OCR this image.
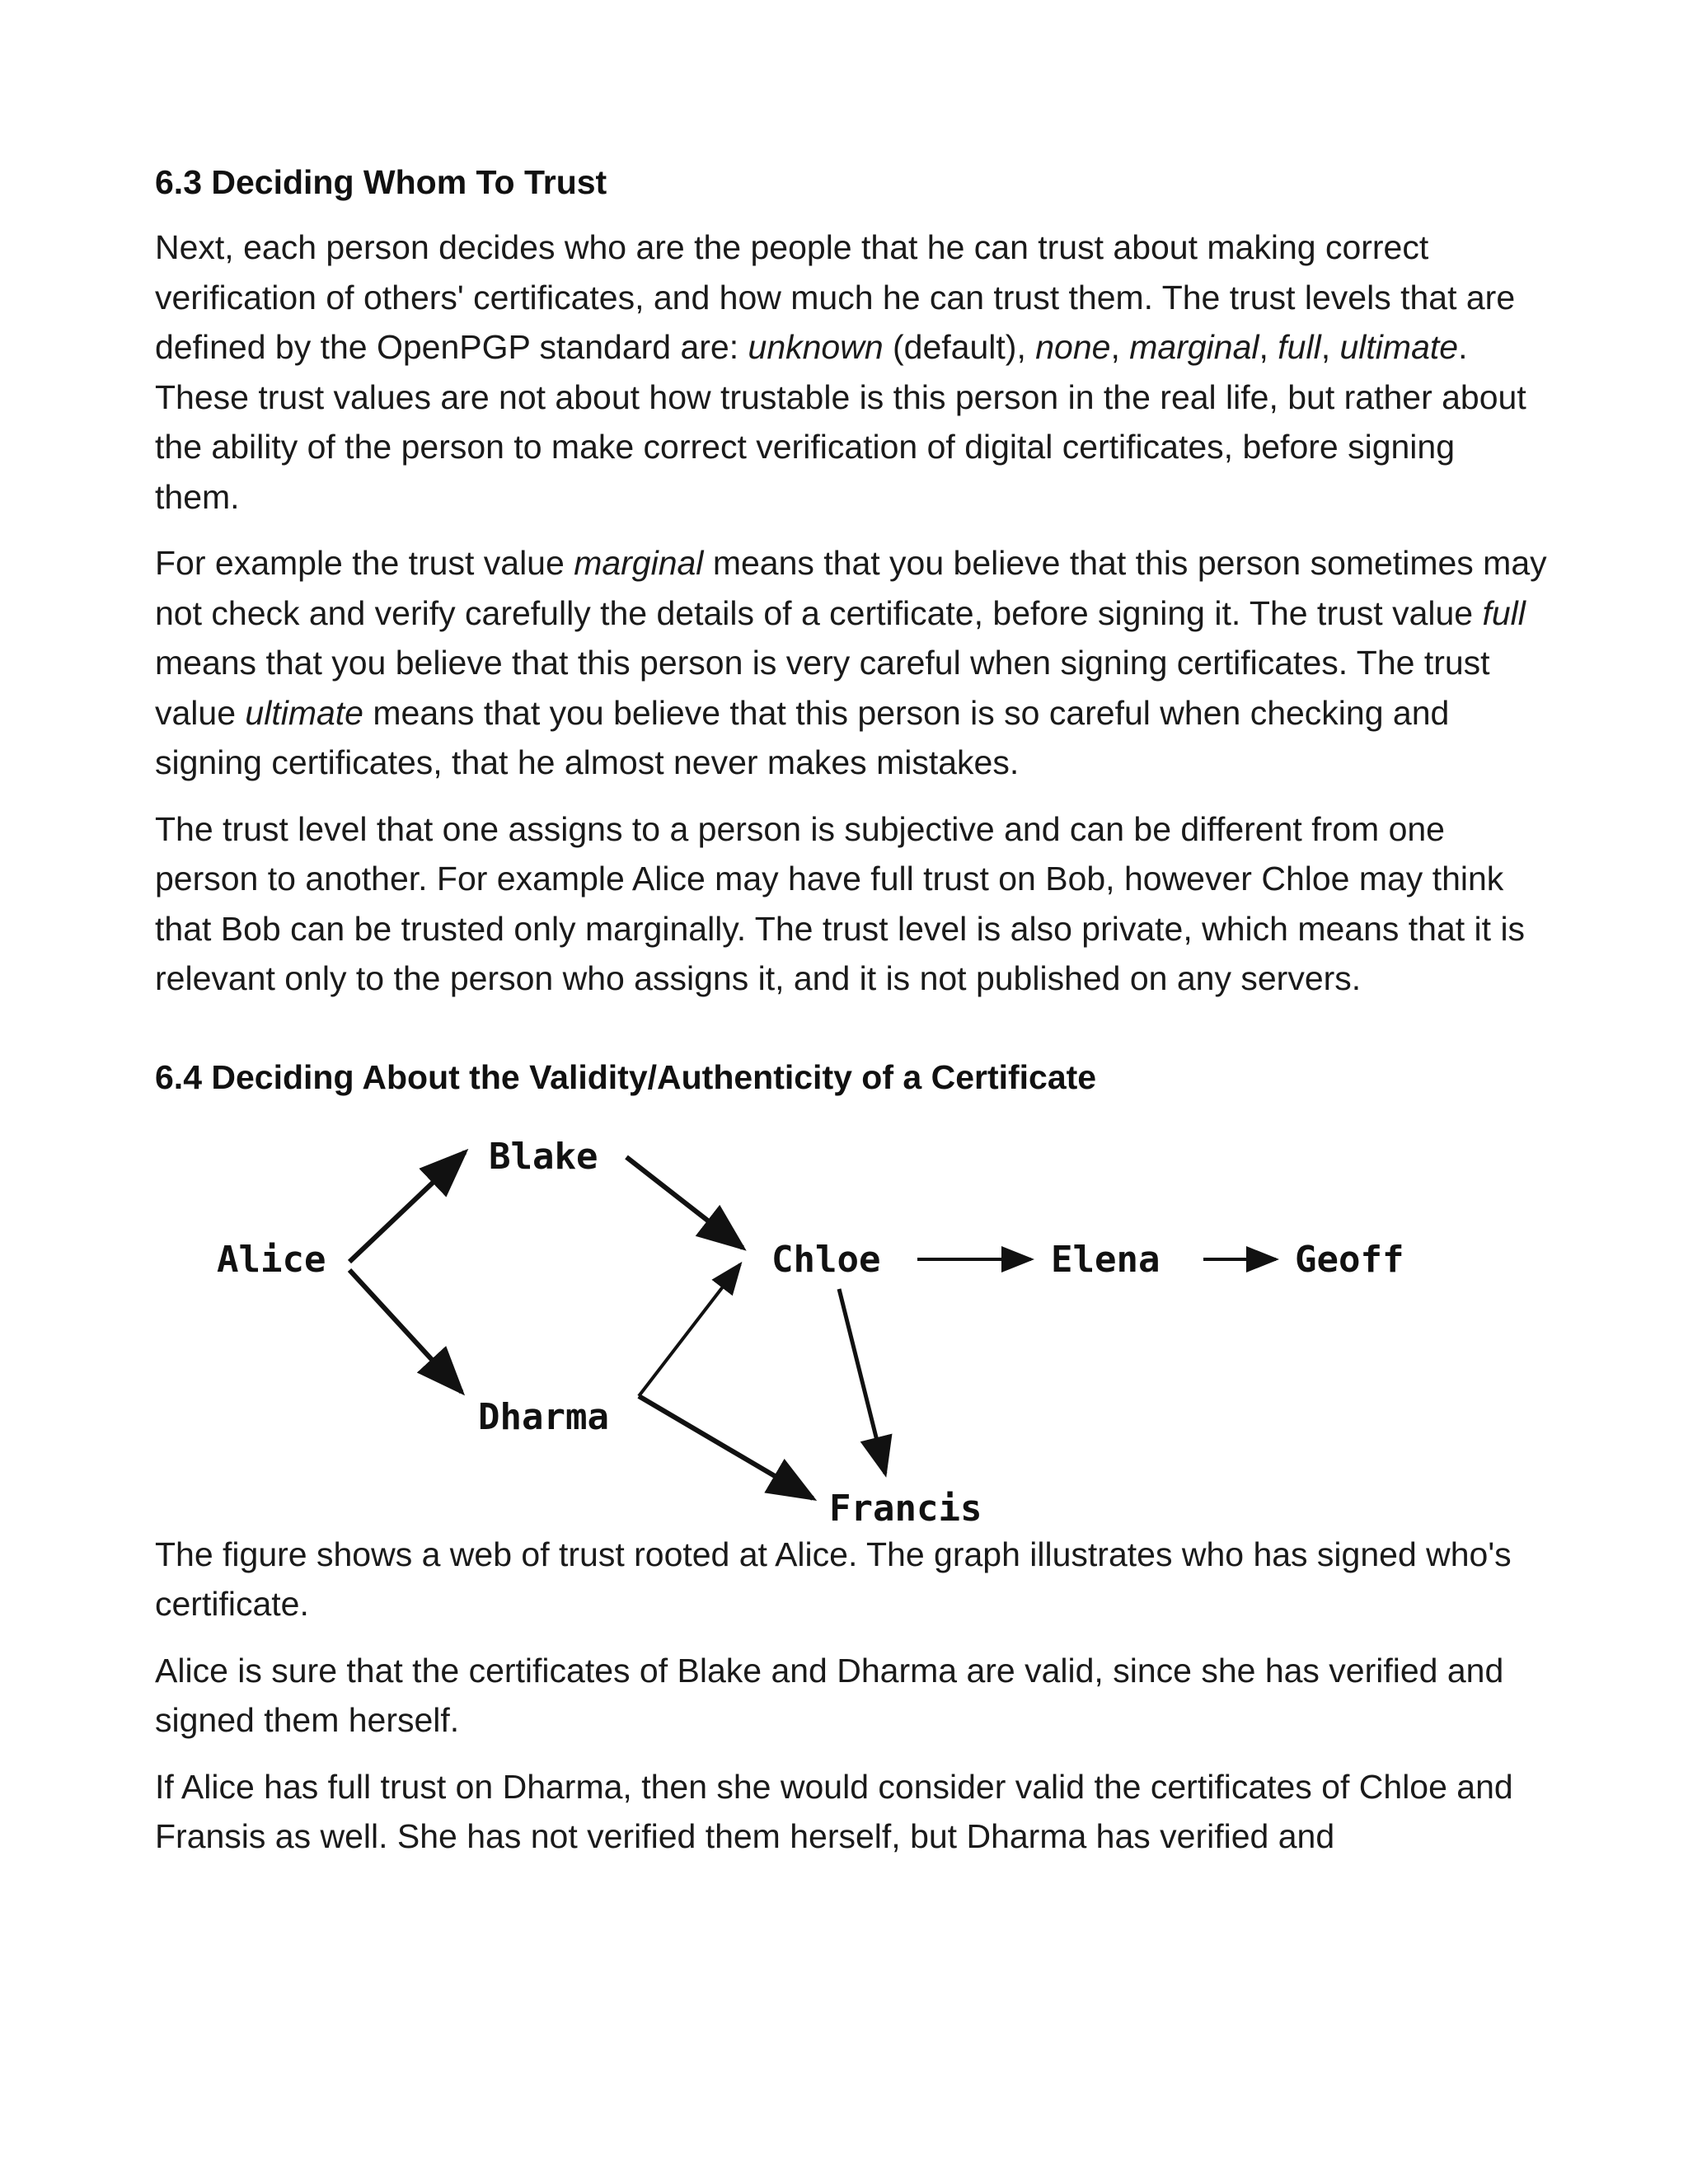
6.3 Deciding Whom To Trust

Next, each person decides who are the people that he can trust about making correct verification of others' certificates, and how much he can trust them. The trust levels that are defined by the OpenPGP standard are: unknown (default), none, marginal, full, ultimate. These trust values are not about how trustable is this person in the real life, but rather about the ability of the person to make correct verification of digital certificates, before signing them.

For example the trust value marginal means that you believe that this person sometimes may not check and verify carefully the details of a certificate, before signing it. The trust value full means that you believe that this person is very careful when signing certificates. The trust value ultimate means that you believe that this person is so careful when checking and signing certificates, that he almost never makes mistakes.

The trust level that one assigns to a person is subjective and can be different from one person to another. For example Alice may have full trust on Bob, however Chloe may think that Bob can be trusted only marginally. The trust level is also private, which means that it is relevant only to the person who assigns it, and it is not published on any servers.

6.4 Deciding About the Validity/Authenticity of a Certificate
Alice
Blake
Chloe	Elena	Geoff
Dharma
Francis

The figure shows a web of trust rooted at Alice. The graph illustrates who has signed who's certificate.

Alice is sure that the certificates of Blake and Dharma are valid, since she has verified and signed them herself.

If Alice has full trust on Dharma, then she would consider valid the certificates of Chloe and Fransis as well. She has not verified them herself, but Dharma has verified and
